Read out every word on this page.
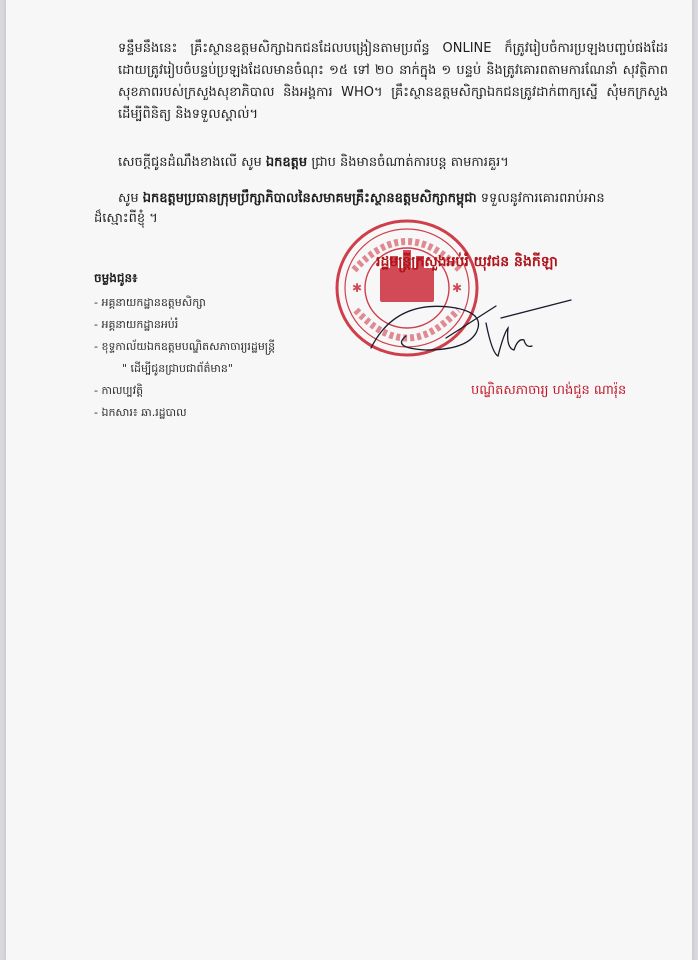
ទន្ទឹមនឹងនេះ គ្រឹះស្ថានឧត្តមសិក្សាឯកជនដែលបង្រៀនតាមប្រព័ន្ធ ONLINE ក៏ត្រូវរៀបចំការប្រឡងបញ្ចប់ផងដែរ ដោយត្រូវរៀបចំបន្ទប់ប្រឡងដែលមានចំណុះ ១៥ ទៅ ២០ នាក់ក្នុង ១ បន្ទប់ និងត្រូវគោរពតាមការណែនាំ សុវត្ថិភាពសុខភាពរបស់ក្រសួងសុខាភិបាល និងអង្គការ WHO។ គ្រឹះស្ថានឧត្តមសិក្សាឯកជនត្រូវដាក់ពាក្យស្នើ សុំមកក្រសួង ដើម្បីពិនិត្យ និងទទួលស្គាល់។
សេចក្តីជូនដំណឹងខាងលើ សូម ឯកឧត្តម ជ្រាប និងមានចំណាត់ការបន្ត តាមការគួរ។
សូម ឯកឧត្តមប្រធានក្រុមប្រឹក្សាភិបាលនៃសមាគមគ្រឹះស្ថានឧត្តមសិក្សាកម្ពុជា ទទួលនូវការគោរពរាប់អាន
ដ៏ស្មោះពីខ្ញុំ ។
ចម្លងជូន៖
- អគ្គនាយកដ្ឋានឧត្តមសិក្សា
- អគ្គនាយកដ្ឋានអប់រំ
- ខុទ្ទកាល័យឯកឧត្តមបណ្ឌិតសភាចារ្យរដ្ឋមន្ត្រី
" ដើម្បីជូនជ្រាបជាព័ត៌មាន"
- កាលប្បវត្តិ
- ឯកសារ៖ ឆា.រដ្ឋបាល
✱	✱
រដ្ឋមន្ត្រីក្រសួងអប់រំ យុវជន និងកីឡា
បណ្ឌិតសភាចារ្យ ហង់ជួន ណារ៉ុន
